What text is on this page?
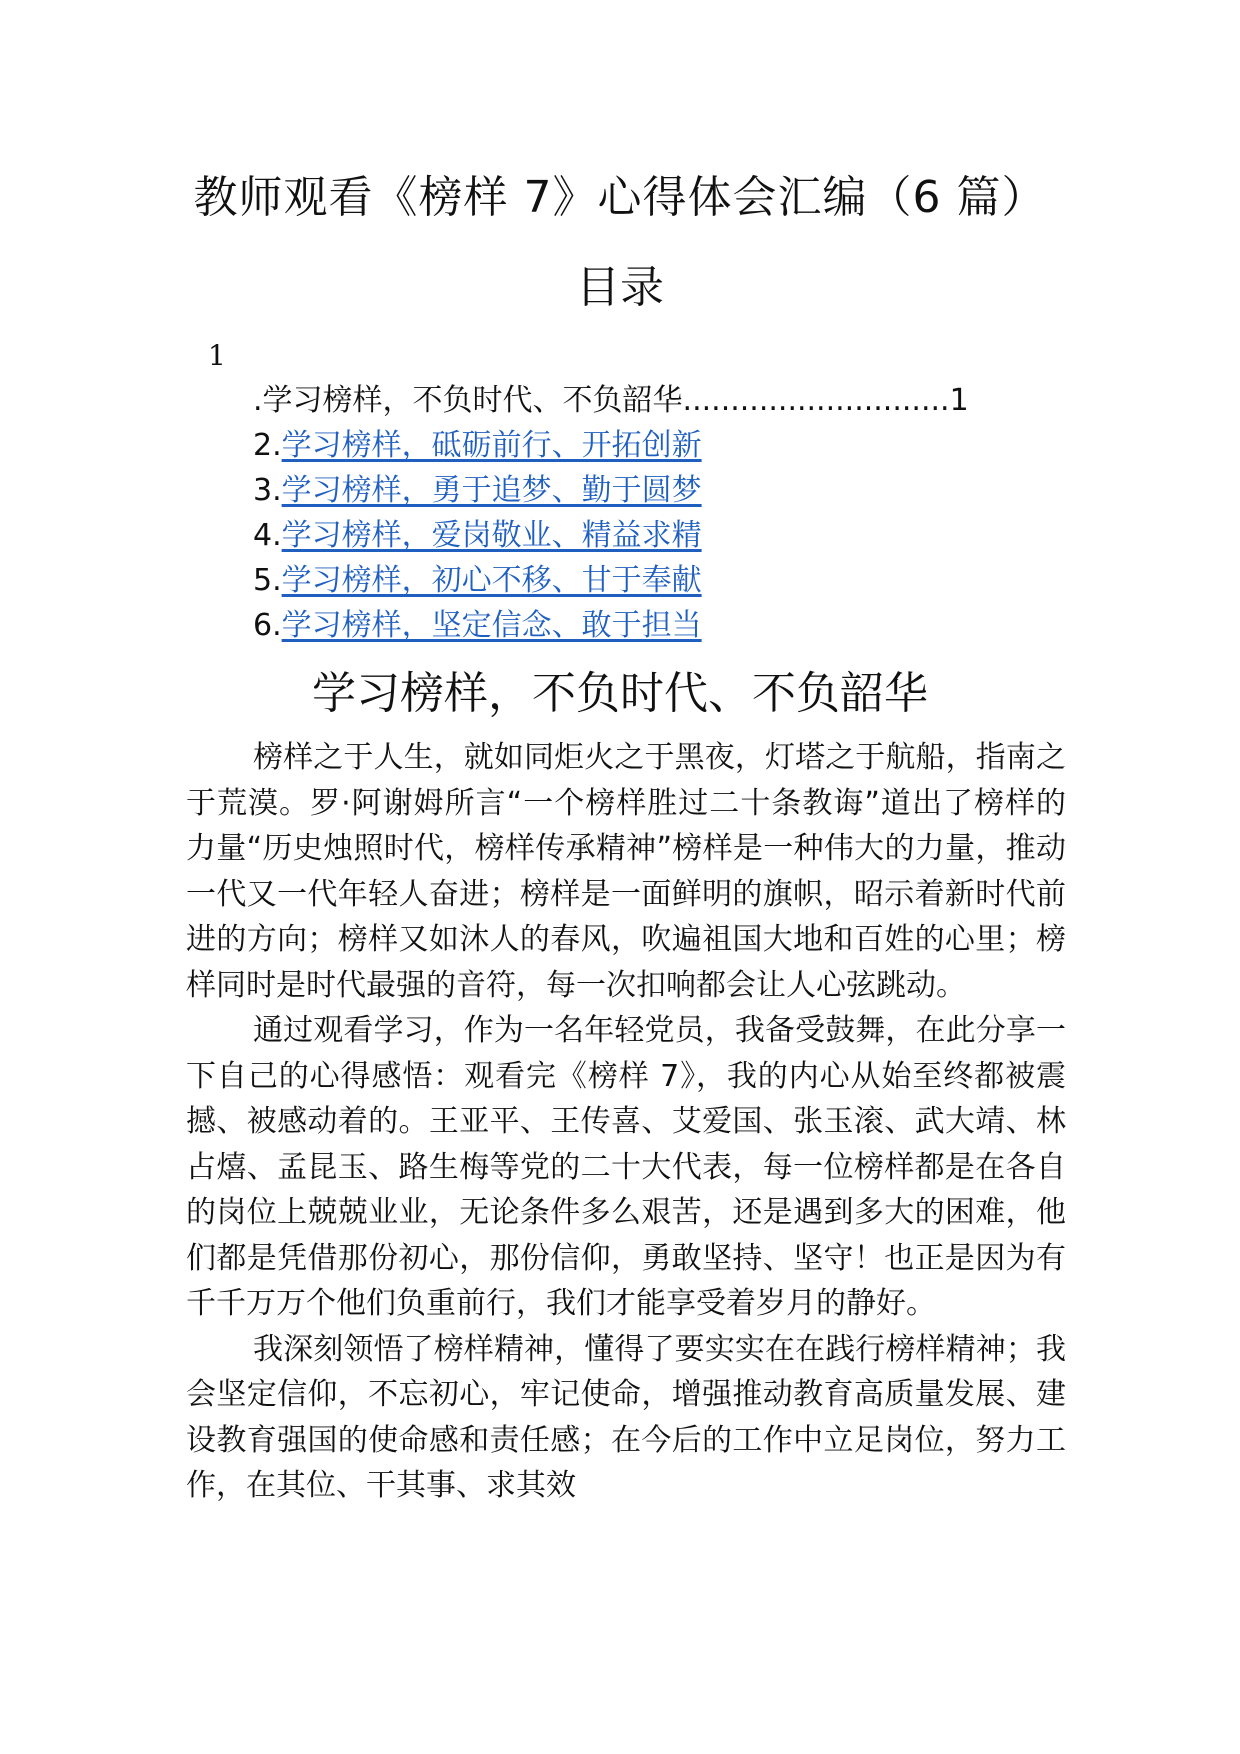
教师观看《榜样 7》心得体会汇编（6 篇）
目录
1
.学习榜样，不负时代、不负韶华............................1
2.学习榜样，砥砺前行、开拓创新
3.学习榜样，勇于追梦、勤于圆梦
4.学习榜样，爱岗敬业、精益求精
5.学习榜样，初心不移、甘于奉献
6.学习榜样，坚定信念、敢于担当
学习榜样，不负时代、不负韶华

榜样之于人生，就如同炬火之于黑夜，灯塔之于航船，指南之于荒漠。罗·阿谢姆所言“一个榜样胜过二十条教诲”道出了榜样的力量“历史烛照时代，榜样传承精神”榜样是一种伟大的力量，推动一代又一代年轻人奋进；榜样是一面鲜明的旗帜，昭示着新时代前进的方向；榜样又如沐人的春风，吹遍祖国大地和百姓的心里；榜样同时是时代最强的音符，每一次扣响都会让人心弦跳动。

通过观看学习，作为一名年轻党员，我备受鼓舞，在此分享一下自己的心得感悟：观看完《榜样 7》，我的内心从始至终都被震撼、被感动着的。王亚平、王传喜、艾爱国、张玉滚、武大靖、林占熺、孟昆玉、路生梅等党的二十大代表，每一位榜样都是在各自的岗位上兢兢业业，无论条件多么艰苦，还是遇到多大的困难，他们都是凭借那份初心，那份信仰，勇敢坚持、坚守！也正是因为有千千万万个他们负重前行，我们才能享受着岁月的静好。

我深刻领悟了榜样精神，懂得了要实实在在践行榜样精神；我会坚定信仰，不忘初心，牢记使命，增强推动教育高质量发展、建设教育强国的使命感和责任感；在今后的工作中立足岗位，努力工作，在其位、干其事、求其效
